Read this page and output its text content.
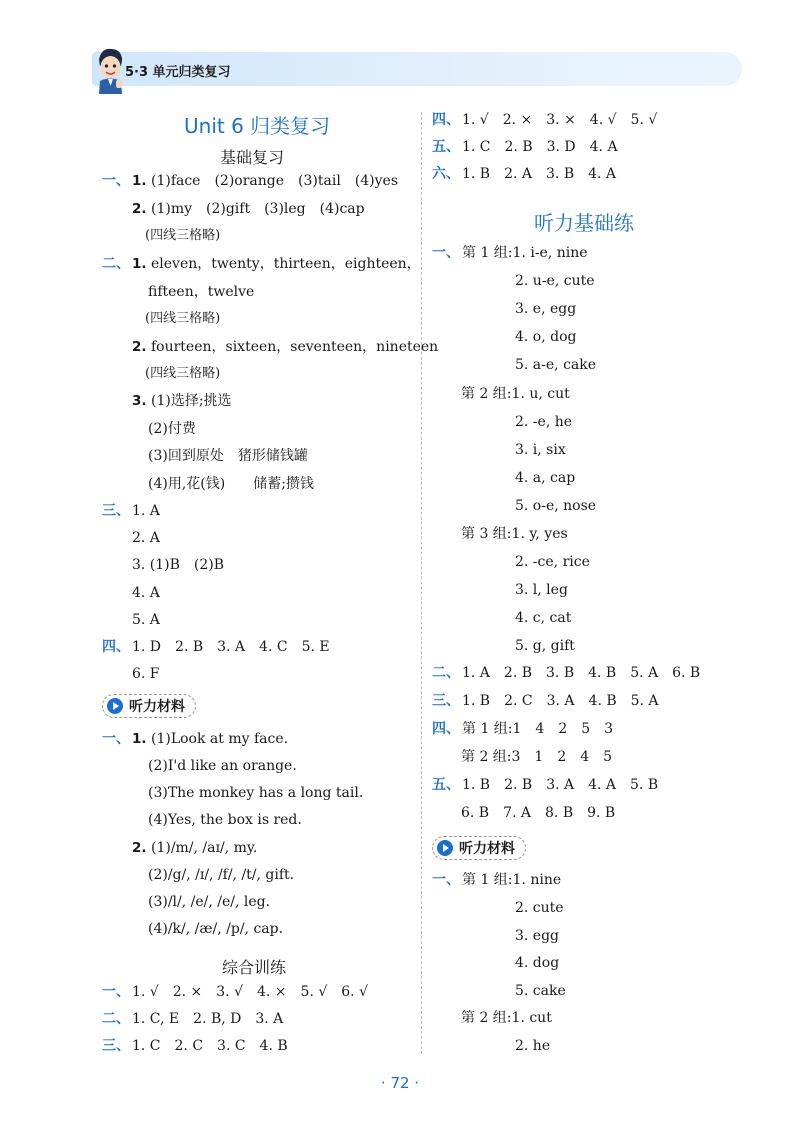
5·3 单元归类复习
Unit 6 归类复习
基础复习
一、 1. (1)face　(2)orange　(3)tail　(4)yes
2. (1)my　(2)gift　(3)leg　(4)cap
(四线三格略)
二、 1. eleven，twenty，thirteen，eighteen，
fifteen，twelve
(四线三格略)
2. fourteen，sixteen，seventeen，nineteen
(四线三格略)
3. (1)选择;挑选
(2)付费
(3)回到原处　猪形储钱罐
(4)用,花(钱)　　储蓄;攒钱
三、 1. A
2. A
3. (1)B　(2)B
4. A
5. A
四、 1. D　2. B　3. A　4. C　5. E
6. F
听力材料
一、 1. (1)Look at my face.
(2)I'd like an orange.
(3)The monkey has a long tail.
(4)Yes, the box is red.
2. (1)/m/, /aɪ/, my.
(2)/g/, /ɪ/, /f/, /t/, gift.
(3)/l/, /e/, /e/, leg.
(4)/k/, /æ/, /p/, cap.
综合训练
一、 1. √　2. ×　3. √　4. ×　5. √　6. √
二、 1. C, E　2. B, D　3. A
三、 1. C　2. C　3. C　4. B
四、 1. √　2. ×　3. ×　4. √　5. √
五、 1. C　2. B　3. D　4. A
六、 1. B　2. A　3. B　4. A
听力基础练
一、 第 1 组:1. i-e, nine
2. u-e, cute
3. e, egg
4. o, dog
5. a-e, cake
第 2 组:1. u, cut
2. -e, he
3. i, six
4. a, cap
5. o-e, nose
第 3 组:1. y, yes
2. -ce, rice
3. l, leg
4. c, cat
5. g, gift
二、 1. A　2. B　3. B　4. B　5. A　6. B
三、 1. B　2. C　3. A　4. B　5. A
四、 第 1 组:1　4　2　5　3
第 2 组:3　1　2　4　5
五、 1. B　2. B　3. A　4. A　5. B
6. B　7. A　8. B　9. B
听力材料
一、 第 1 组:1. nine
2. cute
3. egg
4. dog
5. cake
第 2 组:1. cut
2. he
· 72 ·
